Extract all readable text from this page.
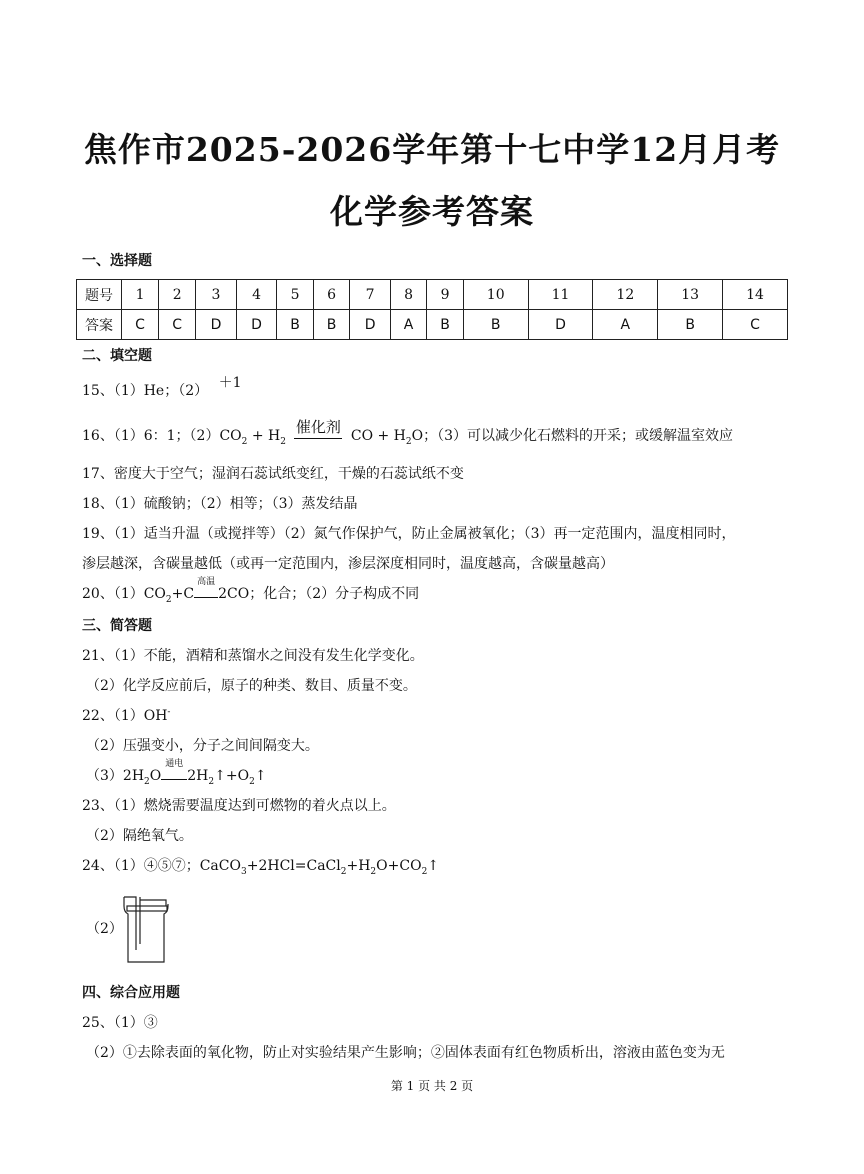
焦作市2025-2026学年第十七中学12月月考
化学参考答案
一、选择题
题号	1	2	3	4	5	6	7	8	9	10	11	12	13	14
答案	C	C	D	D	B	B	D	A	B	B	D	A	B	C
二、填空题
15、（1）He；（2） ＋1
16、（1）6：1；$(2)CO_2 + H_2$
催化剂 CO + $H_2O$；（3）可以减少化石燃料的开采；或缓解温室效应
17、密度大于空气；湿润石蕊试纸变红，干燥的石蕊试纸不变
18、（1）硫酸钠；（2）相等；（3）蒸发结晶
19、（1）适当升温（或搅拌等）（2）氮气作保护气，防止金属被氧化；（3）再一定范围内，温度相同时，
渗层越深，含碳量越低（或再一定范围内，渗层深度相同时，温度越高，含碳量越高）
20、$(1)CO_2+C$
高温
2CO；化合；（2）分子构成不同
三、简答题
21、（1）不能，酒精和蒸馏水之间没有发生化学变化。
（2）化学反应前后，原子的种类、数目、质量不变。
22、（1）OH-
（2）压强变小，分子之间间隔变大。
$(3)2H_2O$
通电
$2H_2↑+O_2↑$
23、（1）燃烧需要温度达到可燃物的着火点以上。
（2）隔绝氧气。
24、（1）④⑤⑦；$CaCO_3+2HCl=CaCl_2+H_2O+CO_2↑$
（2）
四、综合应用题
25、（1）③
（2）①去除表面的氧化物，防止对实验结果产生影响；②固体表面有红色物质析出，溶液由蓝色变为无
第 1 页 共 2 页
